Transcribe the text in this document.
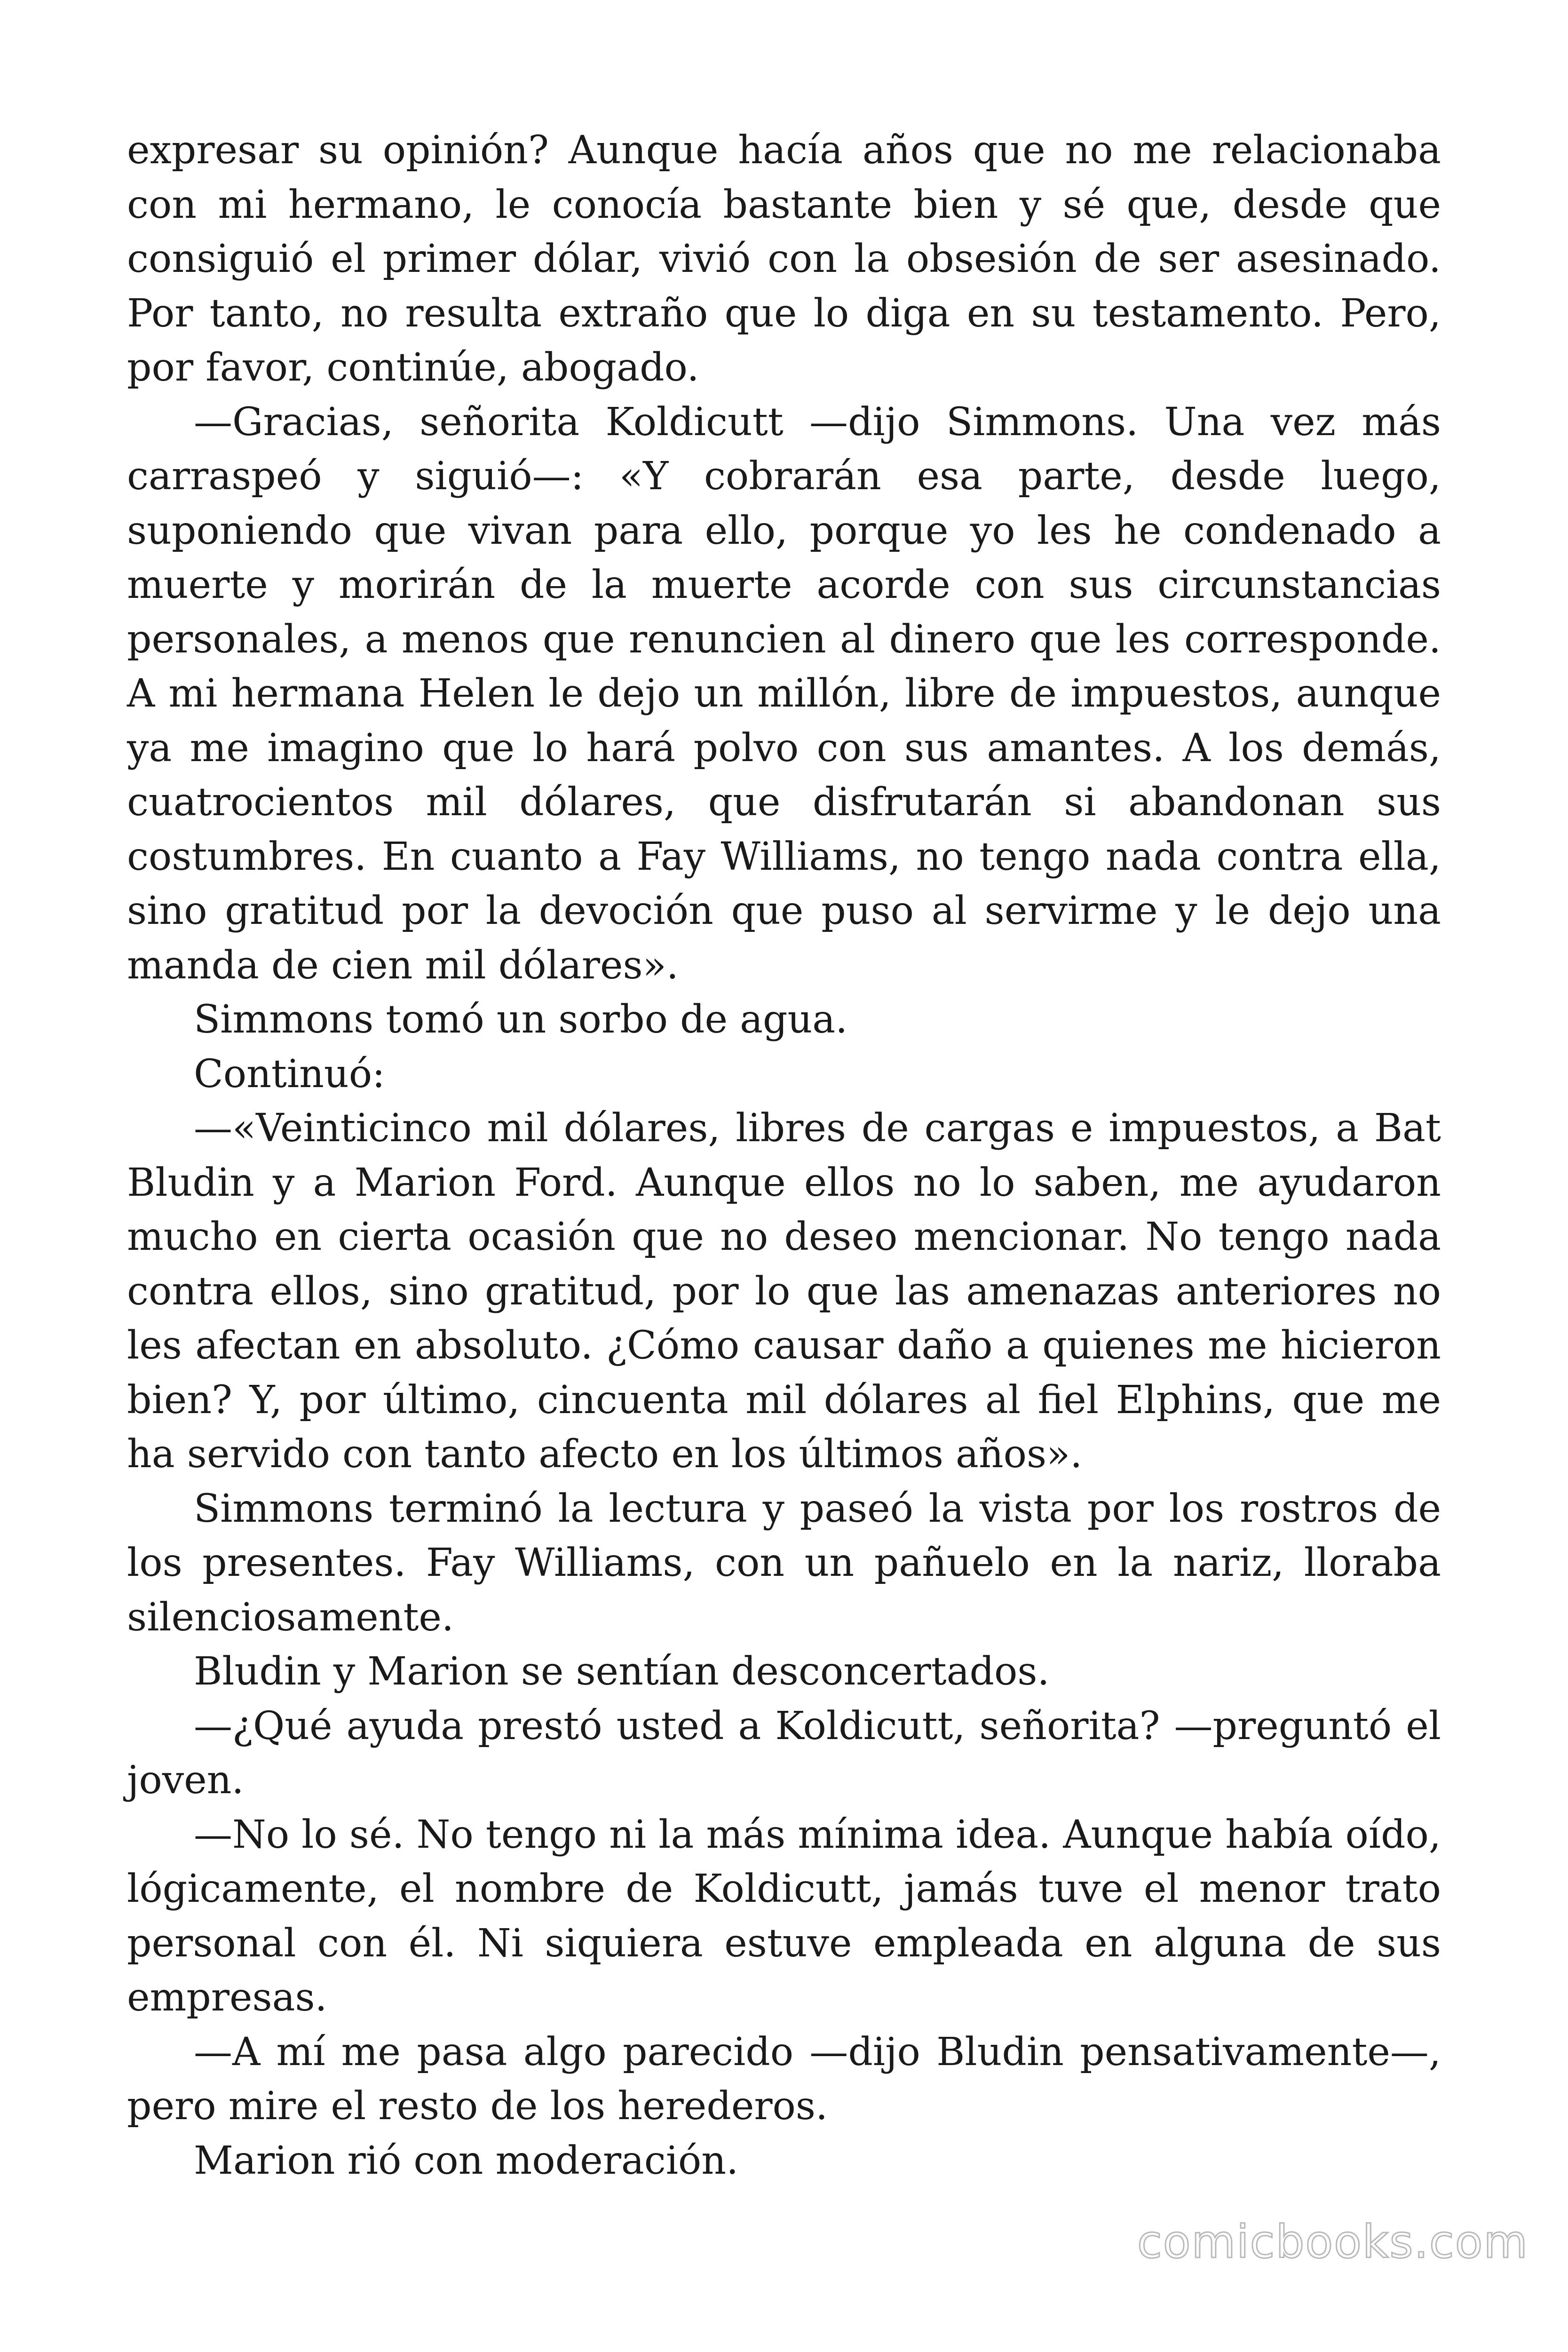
expresar su opinión? Aunque hacía años que no me relacionaba con mi hermano, le conocía bastante bien y sé que, desde que consiguió el primer dólar, vivió con la obsesión de ser asesinado. Por tanto, no resulta extraño que lo diga en su testamento. Pero, por favor, continúe, abogado.

—Gracias, señorita Koldicutt —dijo Simmons. Una vez más carraspeó y siguió—: «Y cobrarán esa parte, desde luego, suponiendo que vivan para ello, porque yo les he condenado a muerte y morirán de la muerte acorde con sus circunstancias personales, a menos que renuncien al dinero que les corresponde. A mi hermana Helen le dejo un millón, libre de impuestos, aunque ya me imagino que lo hará polvo con sus amantes. A los demás, cuatrocientos mil dólares, que disfrutarán si abandonan sus costumbres. En cuanto a Fay Williams, no tengo nada contra ella, sino gratitud por la devoción que puso al servirme y le dejo una manda de cien mil dólares».

Simmons tomó un sorbo de agua.

Continuó:

—«Veinticinco mil dólares, libres de cargas e impuestos, a Bat Bludin y a Marion Ford. Aunque ellos no lo saben, me ayudaron mucho en cierta ocasión que no deseo mencionar. No tengo nada contra ellos, sino gratitud, por lo que las amenazas anteriores no les afectan en absoluto. ¿Cómo causar daño a quienes me hicieron bien? Y, por último, cincuenta mil dólares al fiel Elphins, que me ha servido con tanto afecto en los últimos años».

Simmons terminó la lectura y paseó la vista por los rostros de los presentes. Fay Williams, con un pañuelo en la nariz, lloraba silenciosamente.

Bludin y Marion se sentían desconcertados.

—¿Qué ayuda prestó usted a Koldicutt, señorita? —preguntó el joven.

—No lo sé. No tengo ni la más mínima idea. Aunque había oído, lógicamente, el nombre de Koldicutt, jamás tuve el menor trato personal con él. Ni siquiera estuve empleada en alguna de sus empresas.

—A mí me pasa algo parecido —dijo Bludin pensativamente—, pero mire el resto de los herederos.

Marion rió con moderación.

comicbooks.com
